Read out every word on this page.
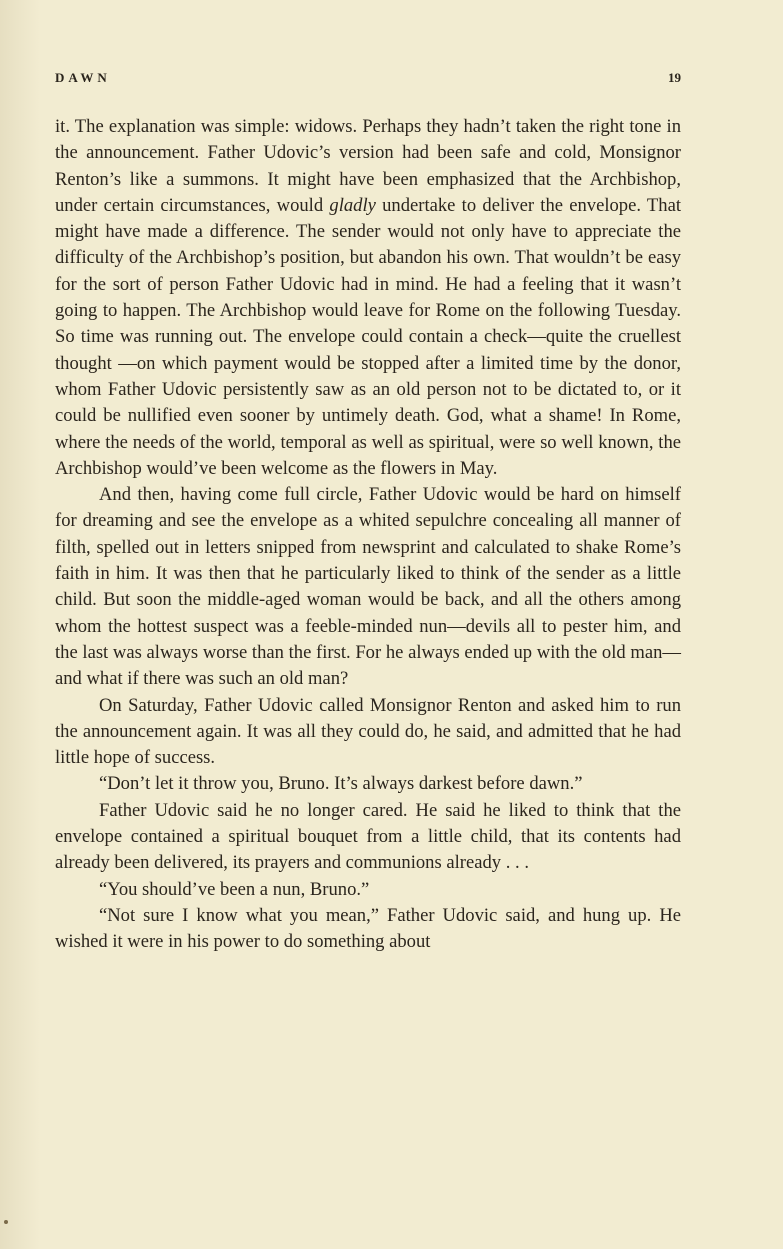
DAWN	19

it. The explanation was simple: widows. Perhaps they hadn’t taken the right tone in the announcement. Father Udovic’s version had been safe and cold, Monsignor Renton’s like a summons. It might have been emphasized that the Archbishop, under certain circumstances, would gladly undertake to deliver the envelope. That might have made a difference. The sender would not only have to appreciate the difficulty of the Archbishop’s position, but abandon his own. That wouldn’t be easy for the sort of person Father Udovic had in mind. He had a feeling that it wasn’t going to happen. The Archbishop would leave for Rome on the following Tuesday. So time was running out. The envelope could contain a check—quite the cruellest thought —on which payment would be stopped after a limited time by the donor, whom Father Udovic persistently saw as an old person not to be dictated to, or it could be nullified even sooner by untimely death. God, what a shame! In Rome, where the needs of the world, temporal as well as spiritual, were so well known, the Archbishop would’ve been welcome as the flowers in May.

And then, having come full circle, Father Udovic would be hard on himself for dreaming and see the envelope as a whited sepulchre concealing all manner of filth, spelled out in letters snipped from newsprint and calculated to shake Rome’s faith in him. It was then that he particularly liked to think of the sender as a little child. But soon the middle-aged woman would be back, and all the others among whom the hottest suspect was a feeble-minded nun—devils all to pester him, and the last was always worse than the first. For he always ended up with the old man—and what if there was such an old man?

On Saturday, Father Udovic called Monsignor Renton and asked him to run the announcement again. It was all they could do, he said, and admitted that he had little hope of success.

“Don’t let it throw you, Bruno. It’s always darkest before dawn.”

Father Udovic said he no longer cared. He said he liked to think that the envelope contained a spiritual bouquet from a little child, that its contents had already been delivered, its prayers and communions already . . .

“You should’ve been a nun, Bruno.”

“Not sure I know what you mean,” Father Udovic said, and hung up. He wished it were in his power to do something about
